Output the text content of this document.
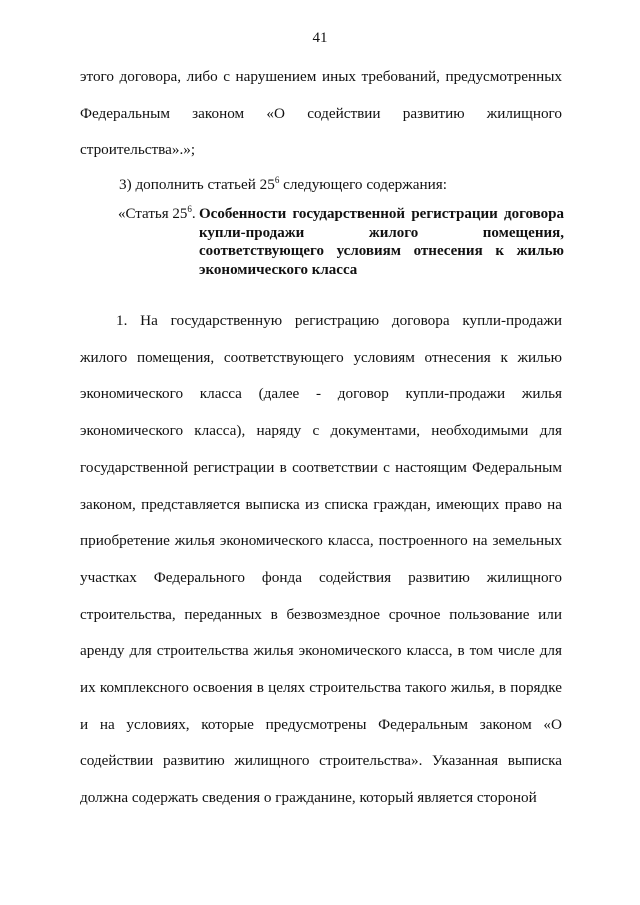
41

этого договора, либо с нарушением иных требований, предусмотренных Федеральным законом «О содействии развитию жилищного строительства».»;

3) дополнить статьей $25^6$ следующего содержания:

«Статья $25^6$. Особенности государственной регистрации договора купли-продажи жилого помещения, соответствующего условиям отнесения к жилью экономического класса

1. На государственную регистрацию договора купли-продажи жилого помещения, соответствующего условиям отнесения к жилью экономического класса (далее - договор купли-продажи жилья экономического класса), наряду с документами, необходимыми для государственной регистрации в соответствии с настоящим Федеральным законом, представляется выписка из списка граждан, имеющих право на приобретение жилья экономического класса, построенного на земельных участках Федерального фонда содействия развитию жилищного строительства, переданных в безвозмездное срочное пользование или аренду для строительства жилья экономического класса, в том числе для их комплексного освоения в целях строительства такого жилья, в порядке и на условиях, которые предусмотрены Федеральным законом «О содействии развитию жилищного строительства». Указанная выписка должна содержать сведения о гражданине, который является стороной
